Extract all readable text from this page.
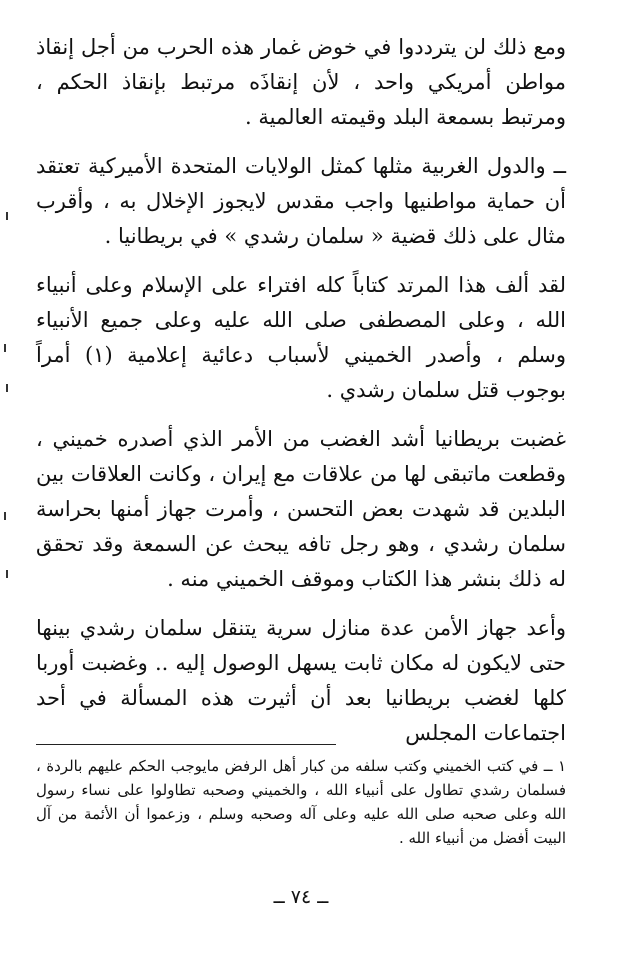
ومع ذلك لن يترددوا في خوض غمار هذه الحرب من أجل إنقاذ مواطن أمريكي واحد ، لأن إنقاذَه مرتبط بإنقاذ الحكم ، ومرتبط بسمعة البلد وقيمته العالمية .

ــ والدول الغربية مثلها كمثل الولايات المتحدة الأميركية تعتقد أن حماية مواطنيها واجب مقدس لايجوز الإخلال به ، وأقرب مثال على ذلك قضية « سلمان رشدي » في بريطانيا .

لقد ألف هذا المرتد كتاباً كله افتراء على الإسلام وعلى أنبياء الله ، وعلى المصطفى صلى الله عليه وعلى جميع الأنبياء وسلم ، وأصدر الخميني لأسباب دعائية إعلامية (١) أمراً بوجوب قتل سلمان رشدي .

غضبت بريطانيا أشد الغضب من الأمر الذي أصدره خميني ، وقطعت ماتبقى لها من علاقات مع إيران ، وكانت العلاقات بين البلدين قد شهدت بعض التحسن ، وأمرت جهاز أمنها بحراسة سلمان رشدي ، وهو رجل تافه يبحث عن السمعة وقد تحقق له ذلك بنشر هذا الكتاب وموقف الخميني منه .

وأعد جهاز الأمن عدة منازل سرية يتنقل سلمان رشدي بينها حتى لايكون له مكان ثابت يسهل الوصول إليه .. وغضبت أوربا كلها لغضب بريطانيا بعد أن أثيرت هذه المسألة في أحد اجتماعات المجلس

١ ــ في كتب الخميني وكتب سلفه من كبار أهل الرفض مايوجب الحكم عليهم بالردة ، فسلمان رشدي تطاول على أنبياء الله ، والخميني وصحبه تطاولوا على نساء رسول الله وعلى صحبه صلى الله عليه وعلى آله وصحبه وسلم ، وزعموا أن الأئمة من آل البيت أفضل من أنبياء الله .

ــ ٧٤ ــ
